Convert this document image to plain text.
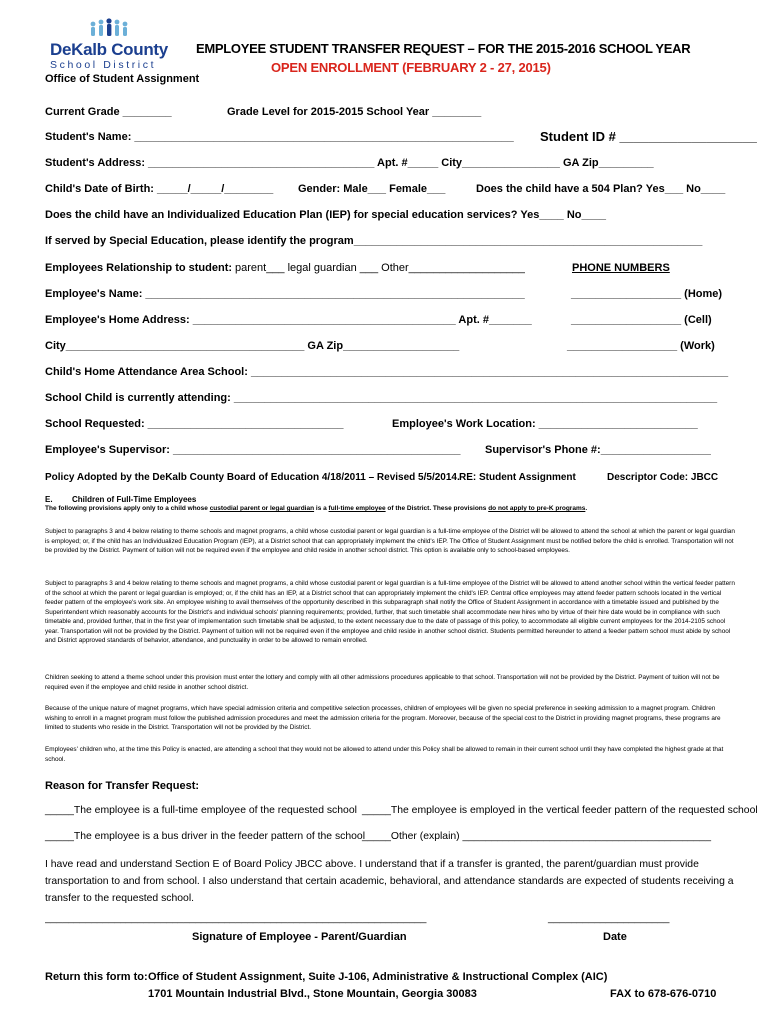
DeKalb County
School District
Office of Student Assignment
EMPLOYEE STUDENT TRANSFER REQUEST – FOR THE 2015-2016 SCHOOL YEAR
OPEN ENROLLMENT (FEBRUARY 2 - 27, 2015)
Current Grade ________	Grade Level for 2015-2015 School Year ________
Student's Name: ______________________________________________________________ Student ID # ___________________
Student's Address: _____________________________________ Apt. #_____ City________________ GA Zip_________
Child's Date of Birth: _____/_____/________ Gender: Male___ Female___	Does the child have a 504 Plan? Yes___ No____
Does the child have an Individualized Education Plan (IEP) for special education services? Yes____ No____
If served by Special Education, please identify the program_________________________________________________________
Employees Relationship to student: parent___ legal guardian ___ Other___________________	PHONE NUMBERS
Employee's Name: ______________________________________________________________	__________________ (Home)
Employee's Home Address: ___________________________________________ Apt. #_______	__________________ (Cell)
City_______________________________________ GA Zip___________________	__________________ (Work)
Child's Home Attendance Area School: ______________________________________________________________________________
School Child is currently attending: _______________________________________________________________________________
School Requested: ________________________________	Employee's Work Location: __________________________
Employee's Supervisor: _______________________________________________ Supervisor's Phone #:__________________
Policy Adopted by the DeKalb County Board of Education 4/18/2011 – Revised 5/5/2014. RE: Student Assignment	Descriptor Code: JBCC
E. Children of Full-Time Employees
The following provisions apply only to a child whose custodial parent or legal guardian is a full-time employee of the District. These provisions do not apply to pre-K programs.
Subject to paragraphs 3 and 4 below relating to theme schools and magnet programs, a child whose custodial parent or legal guardian is a full-time employee of the District will be allowed to attend the school at which the parent or legal guardian is employed; or, if the child has an Individualized Education Program (IEP), at a District school that can appropriately implement the child's IEP. The Office of Student Assignment must be notified before the child is enrolled. Transportation will not be provided by the District. Payment of tuition will not be required even if the employee and child reside in another school district. This option is available only to school-based employees.
Subject to paragraphs 3 and 4 below relating to theme schools and magnet programs, a child whose custodial parent or legal guardian is a full-time employee of the District will be allowed to attend another school within the vertical feeder pattern of the school at which the parent or legal guardian is employed; or, if the child has an IEP, at a District school that can appropriately implement the child's IEP. Central office employees may attend feeder pattern schools located in the vertical feeder pattern of the employee's work site. An employee wishing to avail themselves of the opportunity described in this subparagraph shall notify the Office of Student Assignment in accordance with a timetable issued and published by the Superintendent which reasonably accounts for the District's and individual schools' planning requirements; provided, further, that such timetable shall accommodate new hires who by virtue of their hire date would be in compliance with such timetable and, provided further, that in the first year of implementation such timetable shall be adjusted, to the extent necessary due to the date of passage of this policy, to accommodate all eligible current employees for the 2014-2105 school year. Transportation will not be provided by the District. Payment of tuition will not be required even if the employee and child reside in another school district. Students permitted hereunder to attend a feeder pattern school must abide by school and District approved standards of behavior, attendance, and punctuality in order to be allowed to remain enrolled.
Children seeking to attend a theme school under this provision must enter the lottery and comply with all other admissions procedures applicable to that school. Transportation will not be provided by the District. Payment of tuition will not be required even if the employee and child reside in another school district.
Because of the unique nature of magnet programs, which have special admission criteria and competitive selection processes, children of employees will be given no special preference in seeking admission to a magnet program. Children wishing to enroll in a magnet program must follow the published admission procedures and meet the admission criteria for the program. Moreover, because of the special cost to the District in providing magnet programs, these programs are limited to students who reside in the District. Transportation will not be provided by the District.
Employees' children who, at the time this Policy is enacted, are attending a school that they would not be allowed to attend under this Policy shall be allowed to remain in their current school until they have completed the highest grade at that school.
Reason for Transfer Request:
_____The employee is a full-time employee of the requested school _____The employee is employed in the vertical feeder pattern of the requested school
_____The employee is a bus driver in the feeder pattern of the school
_____Other (explain) ___________________________________________
I have read and understand Section E of Board Policy JBCC above. I understand that if a transfer is granted, the parent/guardian must provide transportation to and from school. I also understand that certain academic, behavioral, and attendance standards are expected of students receiving a transfer to the requested school.
__________________________________________________________________	_____________________
Signature of Employee - Parent/Guardian	Date
Return this form to: Office of Student Assignment, Suite J-106, Administrative & Instructional Complex (AIC)
1701 Mountain Industrial Blvd., Stone Mountain, Georgia 30083	FAX to 678-676-0710
